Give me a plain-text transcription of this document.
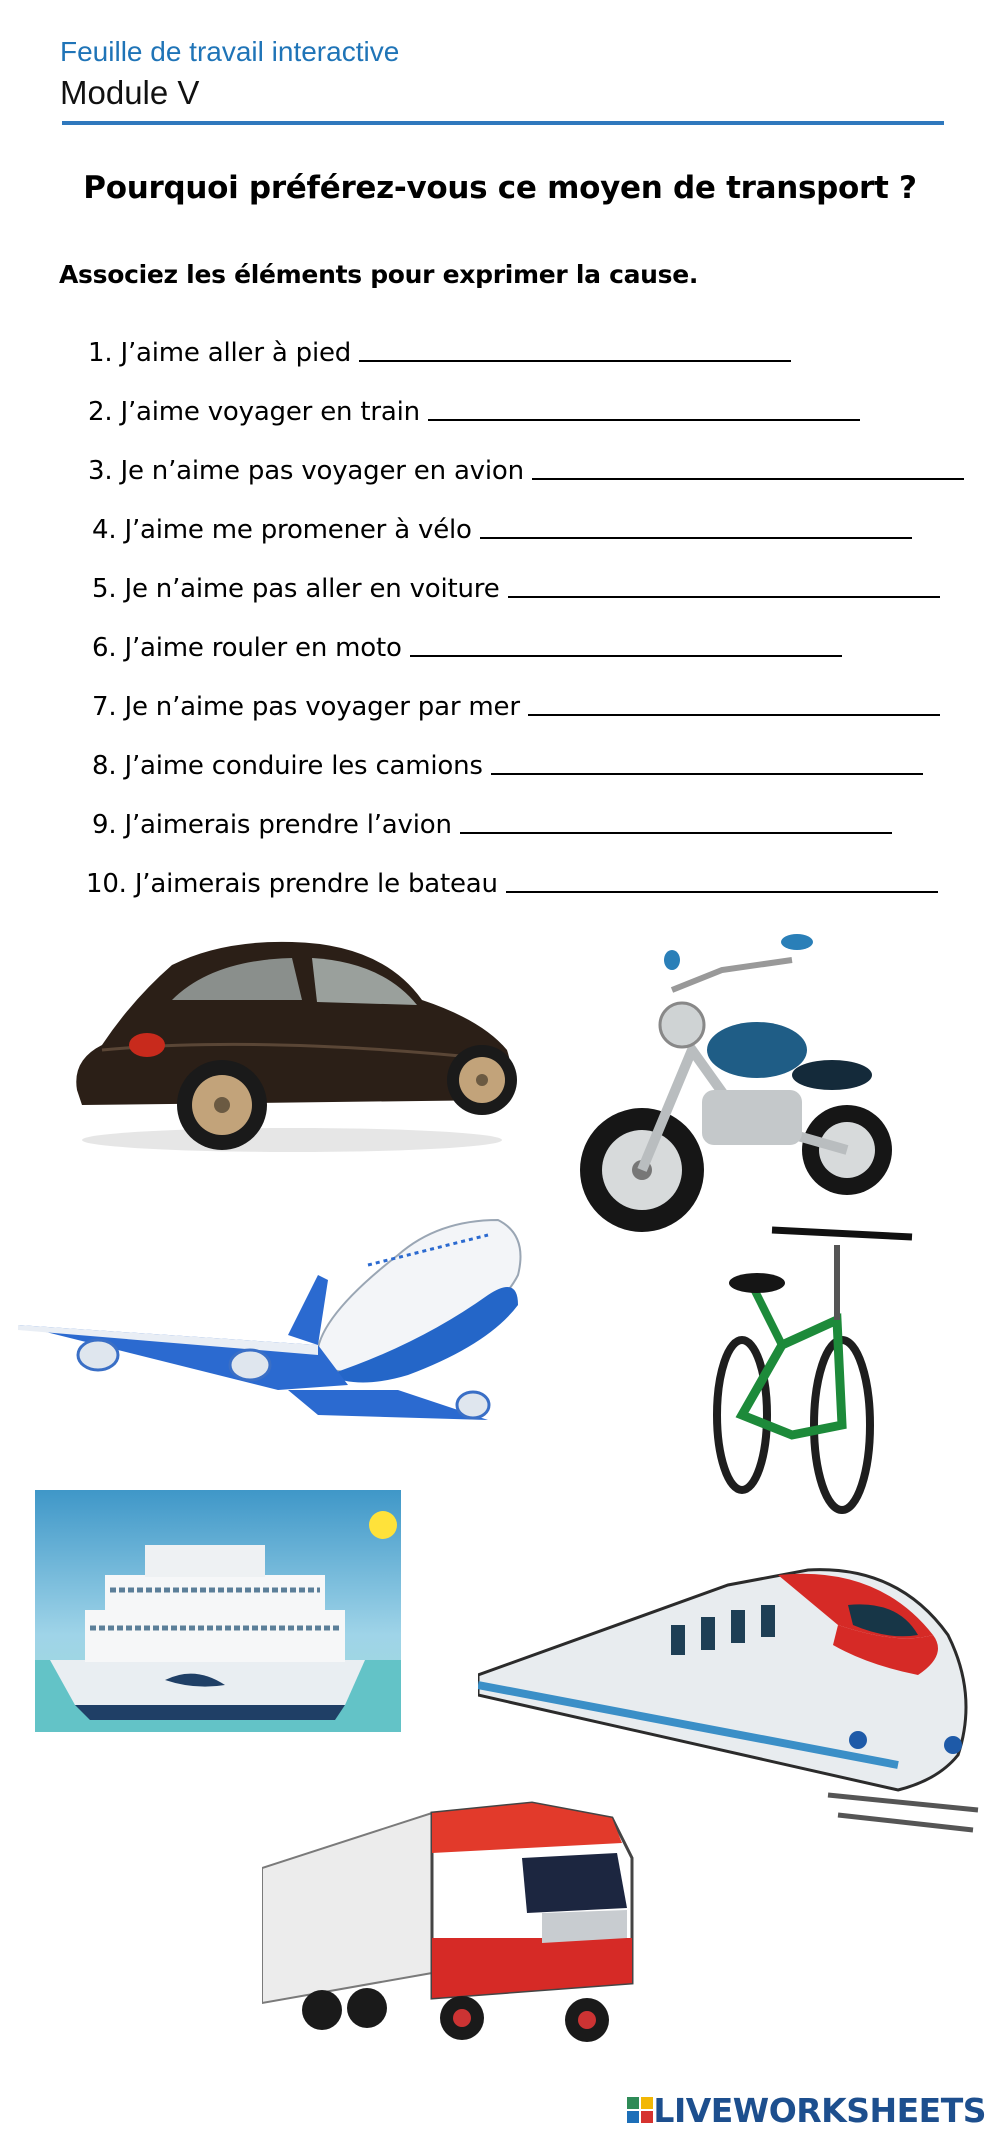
Feuille de travail interactive
Module V
Pourquoi préférez-vous ce moyen de transport ?
Associez les éléments pour exprimer la cause.
1. J’aime aller à pied
2. J’aime voyager en train
3. Je n’aime pas voyager en avion
4. J’aime me promener à vélo
5. Je n’aime pas aller en voiture
6. J’aime rouler en moto
7. Je n’aime pas voyager par mer
8. J’aime conduire les camions
9. J’aimerais prendre l’avion
10. J’aimerais prendre le bateau
LIVEWORKSHEETS
